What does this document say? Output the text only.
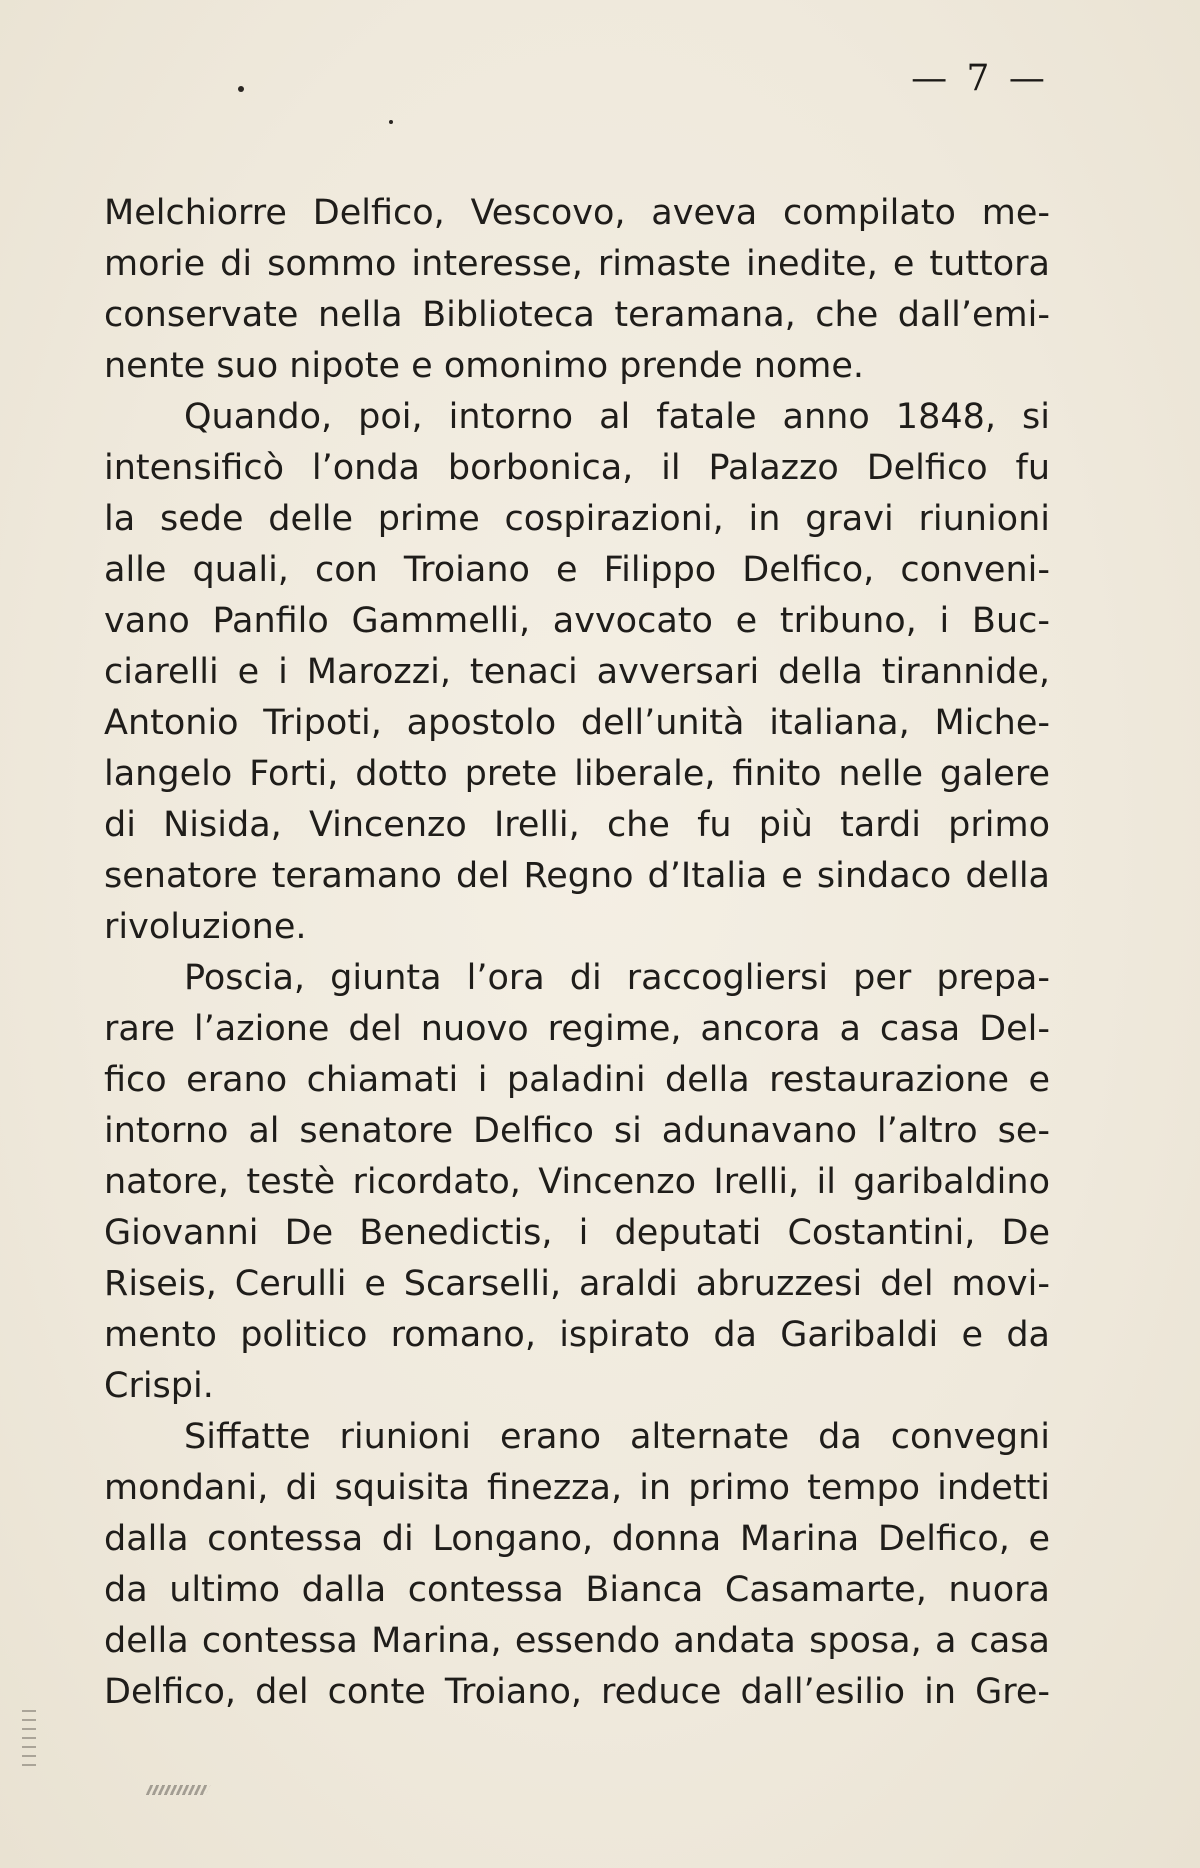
— 7 —
Melchiorre Delfico, Vescovo, aveva compilato me-
morie di sommo interesse, rimaste inedite, e tuttora
conservate nella Biblioteca teramana, che dall’emi-
nente suo nipote e omonimo prende nome.
Quando, poi, intorno al fatale anno 1848, si
intensificò l’onda borbonica, il Palazzo Delfico fu
la sede delle prime cospirazioni, in gravi riunioni
alle quali, con Troiano e Filippo Delfico, conveni-
vano Panfilo Gammelli, avvocato e tribuno, i Buc-
ciarelli e i Marozzi, tenaci avversari della tirannide,
Antonio Tripoti, apostolo dell’unità italiana, Miche-
langelo Forti, dotto prete liberale, finito nelle galere
di Nisida, Vincenzo Irelli, che fu più tardi primo
senatore teramano del Regno d’Italia e sindaco della
rivoluzione.
Poscia, giunta l’ora di raccogliersi per prepa-
rare l’azione del nuovo regime, ancora a casa Del-
fico erano chiamati i paladini della restaurazione e
intorno al senatore Delfico si adunavano l’altro se-
natore, testè ricordato, Vincenzo Irelli, il garibaldino
Giovanni De Benedictis, i deputati Costantini, De
Riseis, Cerulli e Scarselli, araldi abruzzesi del movi-
mento politico romano, ispirato da Garibaldi e da
Crispi.
Siffatte riunioni erano alternate da convegni
mondani, di squisita finezza, in primo tempo indetti
dalla contessa di Longano, donna Marina Delfico, e
da ultimo dalla contessa Bianca Casamarte, nuora
della contessa Marina, essendo andata sposa, a casa
Delfico, del conte Troiano, reduce dall’esilio in Gre-
